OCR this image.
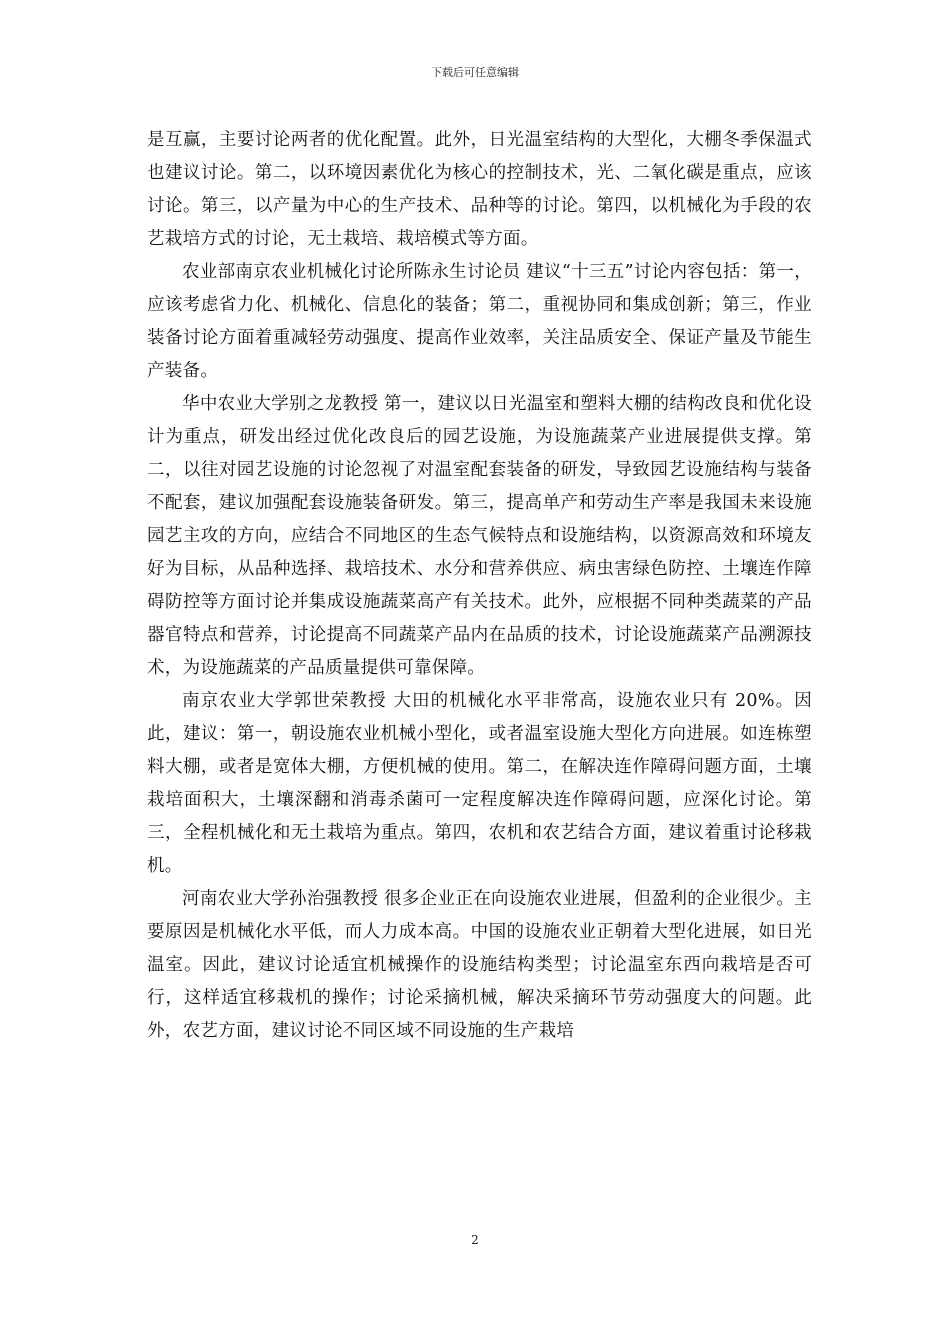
下载后可任意编辑

是互赢，主要讨论两者的优化配置。此外，日光温室结构的大型化，大棚冬季保温式也建议讨论。第二，以环境因素优化为核心的控制技术，光、二氧化碳是重点，应该讨论。第三，以产量为中心的生产技术、品种等的讨论。第四，以机械化为手段的农艺栽培方式的讨论，无土栽培、栽培模式等方面。

农业部南京农业机械化讨论所陈永生讨论员 建议“十三五”讨论内容包括：第一，应该考虑省力化、机械化、信息化的装备；第二，重视协同和集成创新；第三，作业装备讨论方面着重减轻劳动强度、提高作业效率，关注品质安全、保证产量及节能生产装备。

华中农业大学别之龙教授 第一，建议以日光温室和塑料大棚的结构改良和优化设计为重点，研发出经过优化改良后的园艺设施，为设施蔬菜产业进展提供支撑。第二，以往对园艺设施的讨论忽视了对温室配套装备的研发，导致园艺设施结构与装备不配套，建议加强配套设施装备研发。第三，提高单产和劳动生产率是我国未来设施园艺主攻的方向，应结合不同地区的生态气候特点和设施结构，以资源高效和环境友好为目标，从品种选择、栽培技术、水分和营养供应、病虫害绿色防控、土壤连作障碍防控等方面讨论并集成设施蔬菜高产有关技术。此外，应根据不同种类蔬菜的产品器官特点和营养，讨论提高不同蔬菜产品内在品质的技术，讨论设施蔬菜产品溯源技术，为设施蔬菜的产品质量提供可靠保障。

南京农业大学郭世荣教授 大田的机械化水平非常高，设施农业只有 20%。因此，建议：第一，朝设施农业机械小型化，或者温室设施大型化方向进展。如连栋塑料大棚，或者是宽体大棚，方便机械的使用。第二，在解决连作障碍问题方面，土壤栽培面积大，土壤深翻和消毒杀菌可一定程度解决连作障碍问题，应深化讨论。第三，全程机械化和无土栽培为重点。第四，农机和农艺结合方面，建议着重讨论移栽机。

河南农业大学孙治强教授 很多企业正在向设施农业进展，但盈利的企业很少。主要原因是机械化水平低，而人力成本高。中国的设施农业正朝着大型化进展，如日光温室。因此，建议讨论适宜机械操作的设施结构类型；讨论温室东西向栽培是否可行，这样适宜移栽机的操作；讨论采摘机械，解决采摘环节劳动强度大的问题。此外，农艺方面，建议讨论不同区域不同设施的生产栽培

2
